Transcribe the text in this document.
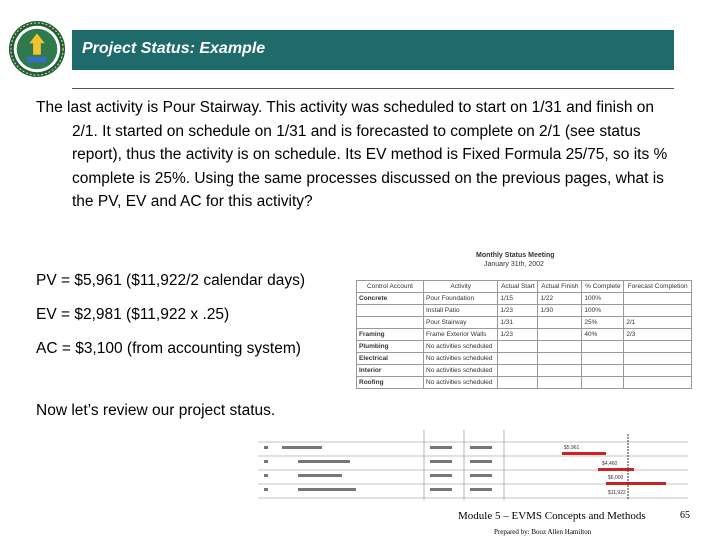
Project Status: Example

The last activity is Pour Stairway. This activity was scheduled to start on 1/31 and finish on 2/1. It started on schedule on 1/31 and is forecasted to complete on 2/1 (see status report), thus the activity is on schedule. Its EV method is Fixed Formula 25/75, so its % complete is 25%. Using the same processes discussed on the previous pages, what is the PV, EV and AC for this activity?

PV = $5,961 ($11,922/2 calendar days)
EV = $2,981 ($11,922 x .25)
AC = $3,100 (from accounting system)
Now let’s review our project status.
Monthly Status Meeting
January 31th, 2002
Control Account	Activity	Actual Start	Actual Finish	% Complete	Forecast Completion
Concrete	Pour Foundation	1/15	1/22	100%	
	Install Patio	1/23	1/30	100%	
	Pour Stairway	1/31		25%	2/1
Framing	Frame Exterior Walls	1/23		40%	2/3
Plumbing	No activities scheduled				
Electrical	No activities scheduled				
Interior	No activities scheduled				
Roofing	No activities scheduled				
$5,961
$4,460
$6,000
$11,922
Module 5 – EVMS Concepts and Methods
Prepared by: Booz Allen Hamilton
65
